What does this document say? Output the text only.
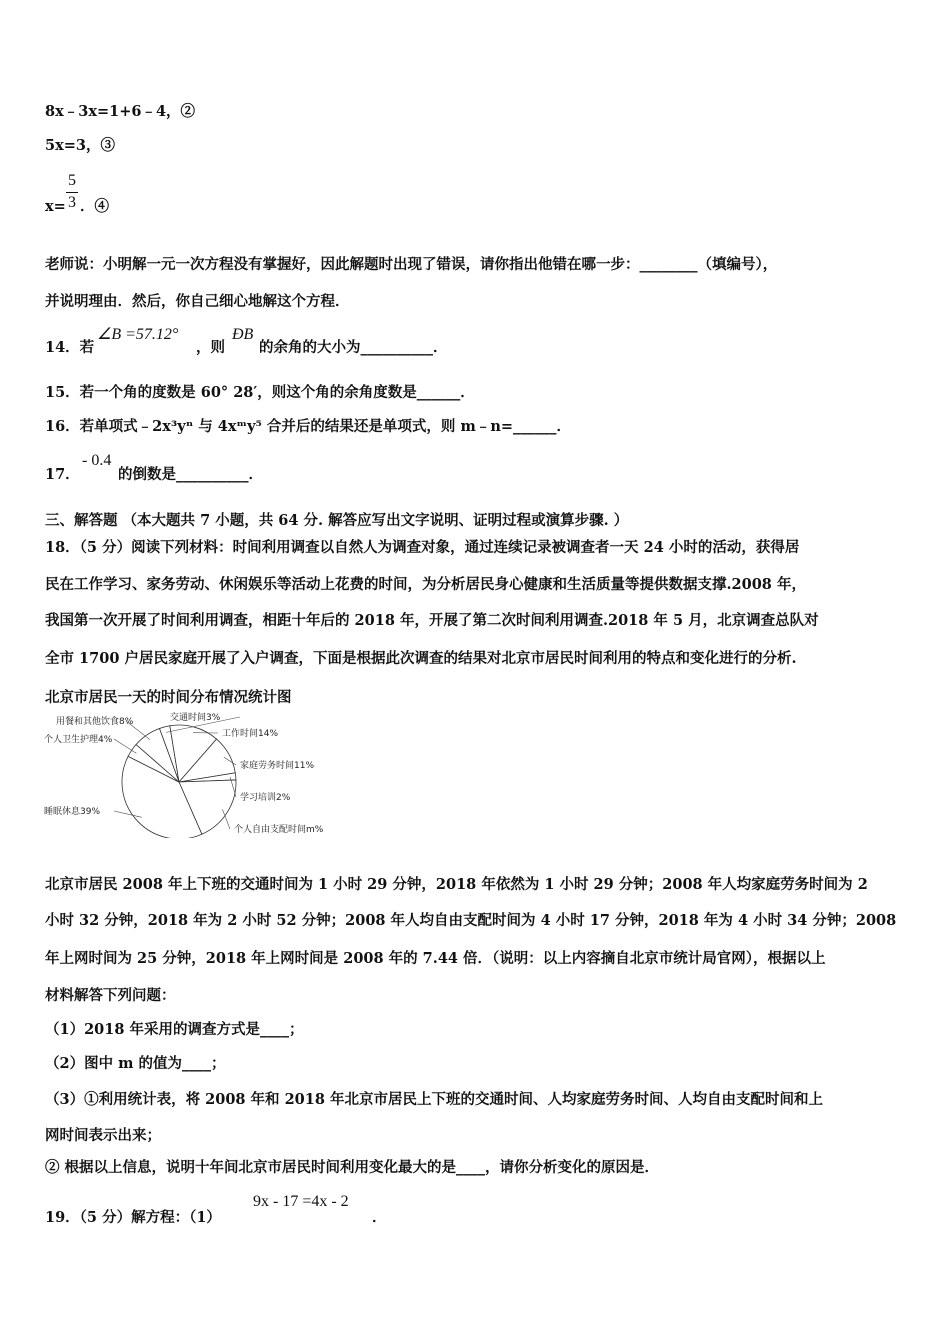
8x﹣3x=1+6﹣4，②
5x=3，③
x=
5
3 ．④
老师说：小明解一元一次方程没有掌握好，因此解题时出现了错误，请你指出他错在哪一步：________（填编号），
并说明理由．然后，你自己细心地解这个方程．
14．若
∠B =57.12°
，则
ÐB
的余角的大小为__________．
15．若一个角的度数是 60° 28′，则这个角的余角度数是______．
16．若单项式﹣2x³yⁿ 与 4xᵐy⁵ 合并后的结果还是单项式，则 m﹣n=______．
17．
- 0.4
的倒数是__________．
三、解答题 （本大题共 7 小题，共 64 分. 解答应写出文字说明、证明过程或演算步骤. ）
18．（5 分）阅读下列材料：时间利用调查以自然人为调查对象，通过连续记录被调查者一天 24 小时的活动，获得居
民在工作学习、家务劳动、休闲娱乐等活动上花费的时间，为分析居民身心健康和生活质量等提供数据支撑.2008 年，
我国第一次开展了时间利用调查，相距十年后的 2018 年，开展了第二次时间利用调查.2018 年 5 月，北京调查总队对
全市 1700 户居民家庭开展了入户调查，下面是根据此次调查的结果对北京市居民时间利用的特点和变化进行的分析.
北京市居民一天的时间分布情况统计图
交通时间3%
工作时间14%
家庭劳务时间11%
学习培训2%
个人自由支配时间m%
睡眠休息39%
个人卫生护理4%
用餐和其他饮食8%
北京市居民 2008 年上下班的交通时间为 1 小时 29 分钟，2018 年依然为 1 小时 29 分钟；2008 年人均家庭劳务时间为 2
小时 32 分钟，2018 年为 2 小时 52 分钟；2008 年人均自由支配时间为 4 小时 17 分钟，2018 年为 4 小时 34 分钟；2008
年上网时间为 25 分钟，2018 年上网时间是 2008 年的 7.44 倍．（说明：以上内容摘自北京市统计局官网），根据以上
材料解答下列问题：
（1）2018 年采用的调查方式是____；
（2）图中 m 的值为____；
（3）①利用统计表，将 2008 年和 2018 年北京市居民上下班的交通时间、人均家庭劳务时间、人均自由支配时间和上
网时间表示出来；
② 根据以上信息，说明十年间北京市居民时间利用变化最大的是____，请你分析变化的原因是．
19．（5 分）解方程：（1）
9x - 17 =4x - 2
．
